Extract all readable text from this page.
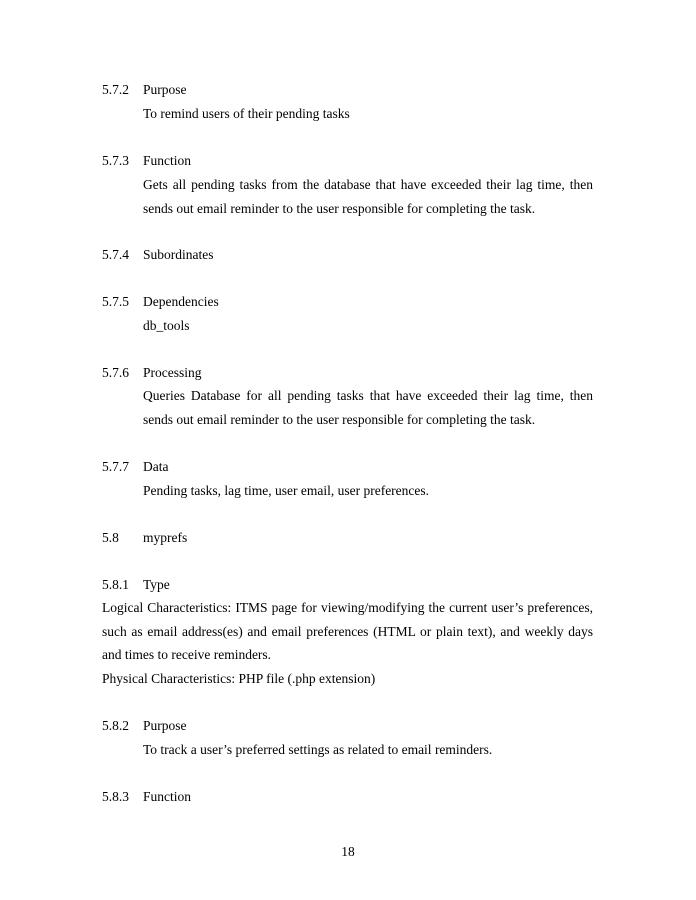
5.7.2 Purpose
To remind users of their pending tasks
5.7.3 Function
Gets all pending tasks from the database that have exceeded their lag time, then
sends out email reminder to the user responsible for completing the task.
5.7.4 Subordinates
5.7.5 Dependencies
db_tools
5.7.6 Processing
Queries Database for all pending tasks that have exceeded their lag time, then
sends out email reminder to the user responsible for completing the task.
5.7.7 Data
Pending tasks, lag time, user email, user preferences.
5.8 myprefs
5.8.1 Type
Logical Characteristics: ITMS page for viewing/modifying the current user’s preferences,
such as email address(es) and email preferences (HTML or plain text), and weekly days
and times to receive reminders.
Physical Characteristics: PHP file (.php extension)
5.8.2 Purpose
To track a user’s preferred settings as related to email reminders.
5.8.3 Function
18
